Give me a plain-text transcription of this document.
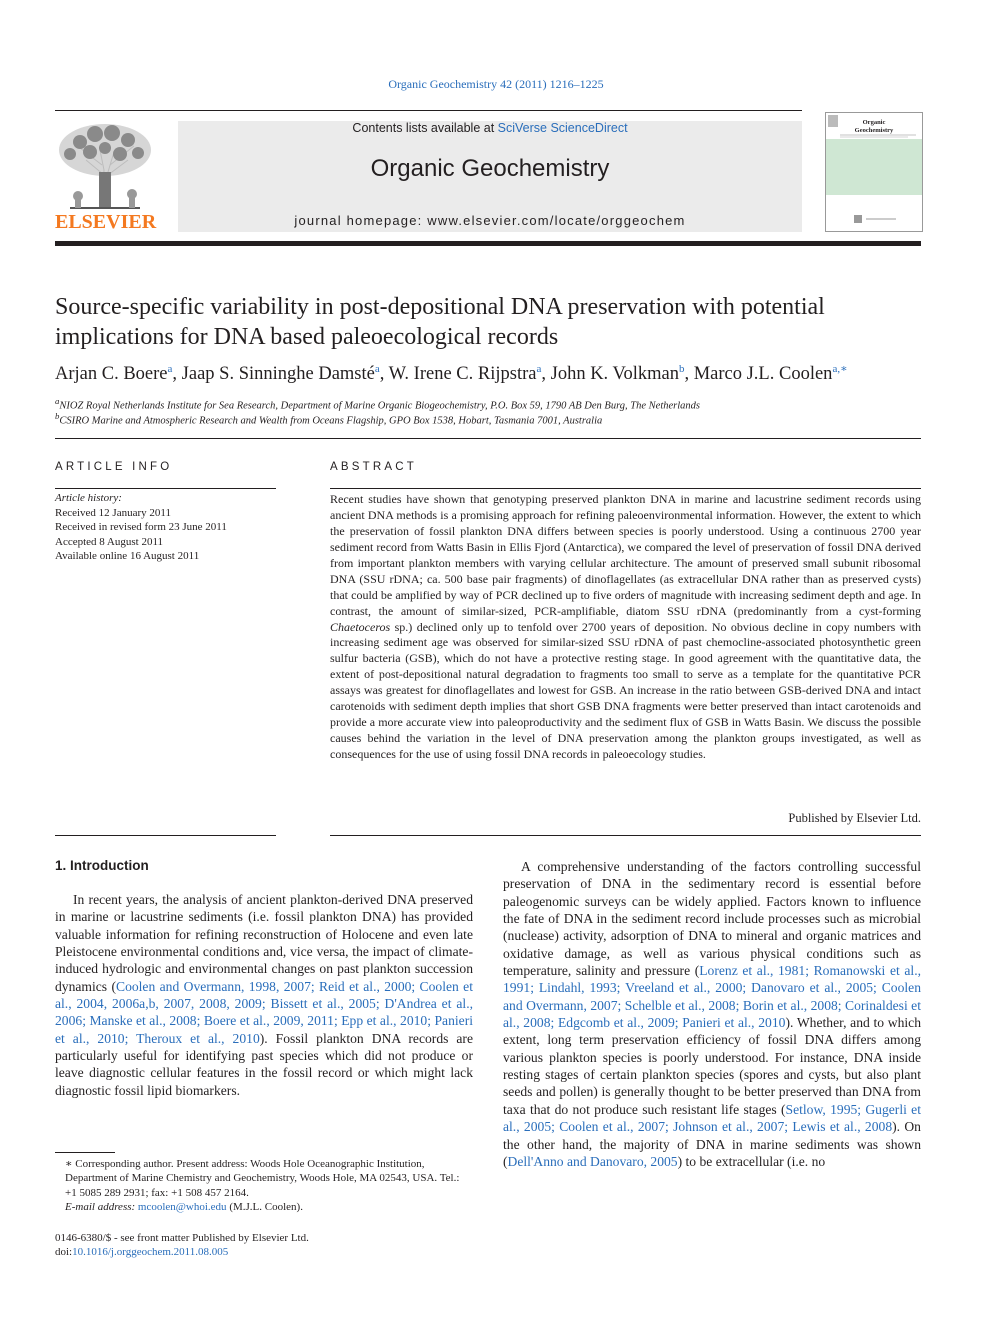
Organic Geochemistry 42 (2011) 1216–1225
ELSEVIER
Contents lists available at SciVerse ScienceDirect
Organic Geochemistry
journal homepage: www.elsevier.com/locate/orggeochem
Organic
Geochemistry
Source-specific variability in post-depositional DNA preservation with potential implications for DNA based paleoecological records
Arjan C. Boere$^a$, Jaap S. Sinninghe Damsté$^a$, W. Irene C. Rijpstra$^a$, John K. Volkman$^b$, Marco J.L. Coolen$^{a,∗}$
$^a$NIOZ Royal Netherlands Institute for Sea Research, Department of Marine Organic Biogeochemistry, P.O. Box 59, 1790 AB Den Burg, The Netherlands
$^b$CSIRO Marine and Atmospheric Research and Wealth from Oceans Flagship, GPO Box 1538, Hobart, Tasmania 7001, Australia
ARTICLE INFO
Article history:
Received 12 January 2011
Received in revised form 23 June 2011
Accepted 8 August 2011
Available online 16 August 2011
ABSTRACT
Recent studies have shown that genotyping preserved plankton DNA in marine and lacustrine sediment records using ancient DNA methods is a promising approach for refining paleoenvironmental information. However, the extent to which the preservation of fossil plankton DNA differs between species is poorly understood. Using a continuous 2700 year sediment record from Watts Basin in Ellis Fjord (Antarctica), we compared the level of preservation of fossil DNA derived from important plankton members with varying cellular architecture. The amount of preserved small subunit ribosomal DNA (SSU rDNA; ca. 500 base pair fragments) of dinoflagellates (as extracellular DNA rather than as preserved cysts) that could be amplified by way of PCR declined up to five orders of magnitude with increasing sediment depth and age. In contrast, the amount of similar-sized, PCR-amplifiable, diatom SSU rDNA (predominantly from a cyst-forming Chaetoceros sp.) declined only up to tenfold over 2700 years of deposition. No obvious decline in copy numbers with increasing sediment age was observed for similar-sized SSU rDNA of past chemocline-associated photosynthetic green sulfur bacteria (GSB), which do not have a protective resting stage. In good agreement with the quantitative data, the extent of post-depositional natural degradation to fragments too small to serve as a template for the quantitative PCR assays was greatest for dinoflagellates and lowest for GSB. An increase in the ratio between GSB-derived DNA and intact carotenoids with sediment depth implies that short GSB DNA fragments were better preserved than intact carotenoids and provide a more accurate view into paleoproductivity and the sediment flux of GSB in Watts Basin. We discuss the possible causes behind the variation in the level of DNA preservation among the plankton groups investigated, as well as consequences for the use of using fossil DNA records in paleoecology studies.
Published by Elsevier Ltd.
1. Introduction

In recent years, the analysis of ancient plankton-derived DNA preserved in marine or lacustrine sediments (i.e. fossil plankton DNA) has provided valuable information for refining reconstruction of Holocene and even late Pleistocene environmental conditions and, vice versa, the impact of climate-induced hydrologic and environmental changes on past plankton succession dynamics (Coolen and Overmann, 1998, 2007; Reid et al., 2000; Coolen et al., 2004, 2006a,b, 2007, 2008, 2009; Bissett et al., 2005; D'Andrea et al., 2006; Manske et al., 2008; Boere et al., 2009, 2011; Epp et al., 2010; Panieri et al., 2010; Theroux et al., 2010). Fossil plankton DNA records are particularly useful for identifying past species which did not produce or leave diagnostic cellular features in the fossil record or which might lack diagnostic fossil lipid biomarkers.

A comprehensive understanding of the factors controlling successful preservation of DNA in the sedimentary record is essential before paleogenomic surveys can be widely applied. Factors known to influence the fate of DNA in the sediment record include processes such as microbial (nuclease) activity, adsorption of DNA to mineral and organic matrices and oxidative damage, as well as various physical conditions such as temperature, salinity and pressure (Lorenz et al., 1981; Romanowski et al., 1991; Lindahl, 1993; Vreeland et al., 2000; Danovaro et al., 2005; Coolen and Overmann, 2007; Schelble et al., 2008; Borin et al., 2008; Corinaldesi et al., 2008; Edgcomb et al., 2009; Panieri et al., 2010). Whether, and to which extent, long term preservation efficiency of fossil DNA differs among various plankton species is poorly understood. For instance, DNA inside resting stages of certain plankton species (spores and cysts, but also plant seeds and pollen) is generally thought to be better preserved than DNA from taxa that do not produce such resistant life stages (Setlow, 1995; Gugerli et al., 2005; Coolen et al., 2007; Johnson et al., 2007; Lewis et al., 2008). On the other hand, the majority of DNA in marine sediments was shown (Dell'Anno and Danovaro, 2005) to be extracellular (i.e. no

∗ Corresponding author. Present address: Woods Hole Oceanographic Institution, Department of Marine Chemistry and Geochemistry, Woods Hole, MA 02543, USA. Tel.: +1 5085 289 2931; fax: +1 508 457 2164.
E-mail address: mcoolen@whoi.edu (M.J.L. Coolen).
0146-6380/$ - see front matter Published by Elsevier Ltd.
doi:10.1016/j.orggeochem.2011.08.005
